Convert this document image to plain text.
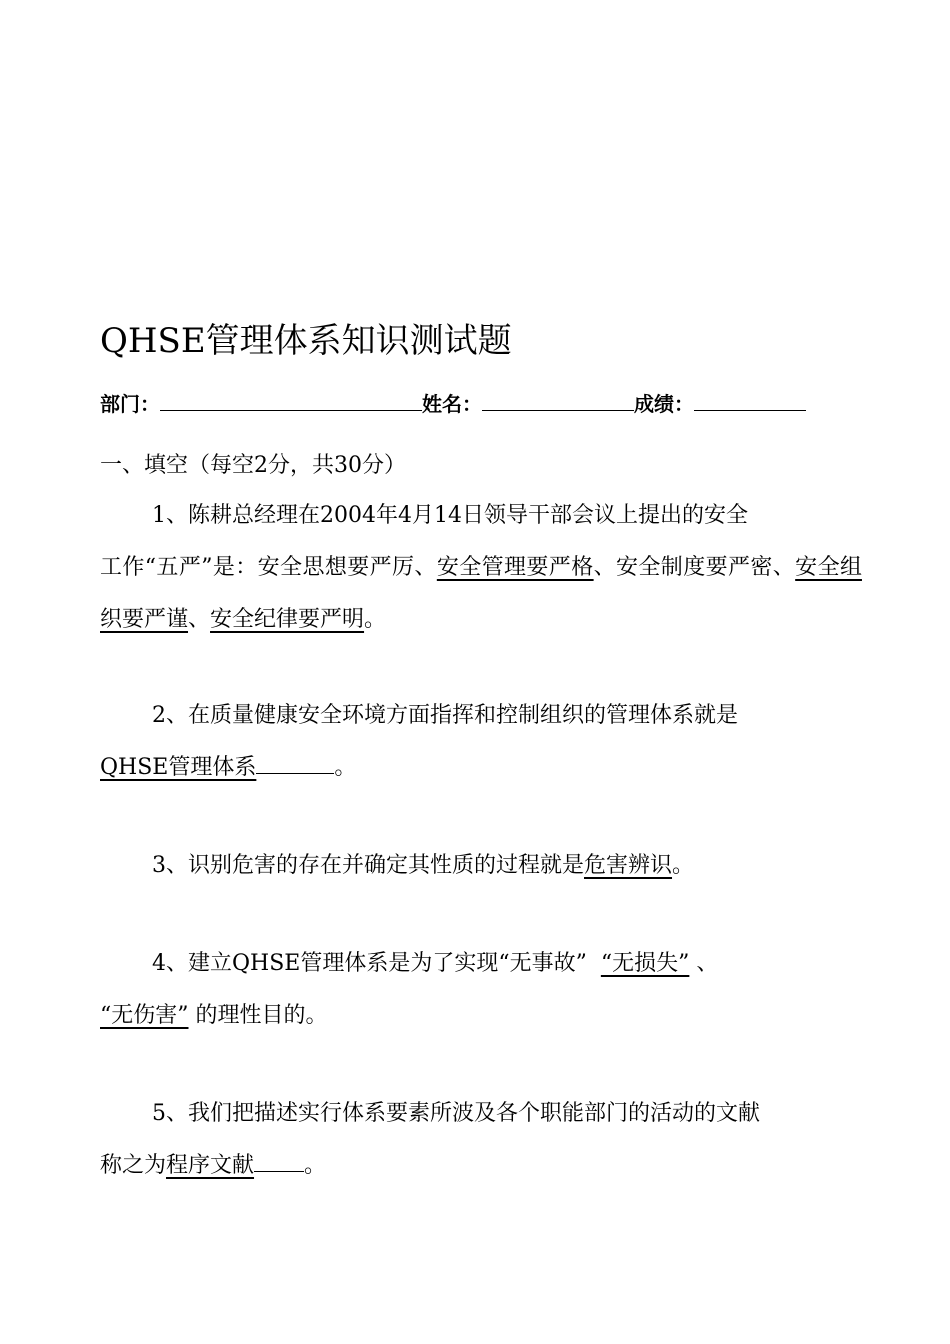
QHSE管理体系知识测试题
部门：	姓名：	成绩：
一、填空（每空2分，共30分）
1、陈耕总经理在2004年4月14日领导干部会议上提出的安全
工作“五严”是：安全思想要严厉、安全管理要严格、安全制度要严密、安全组织要严谨、安全纪律要严明。
2、在质量健康安全环境方面指挥和控制组织的管理体系就是
QHSE管理体系	。
3、识别危害的存在并确定其性质的过程就是危害辨识。
4、建立QHSE管理体系是为了实现“无事故” “无损失” 、
“无伤害” 的理性目的。
5、我们把描述实行体系要素所波及各个职能部门的活动的文献
称之为程序文献 。
